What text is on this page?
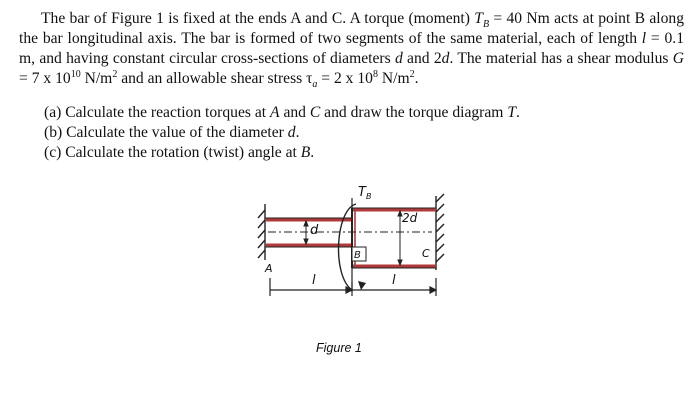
The bar of Figure 1 is fixed at the ends A and C. A torque (moment) $T_B = 40$ Nm acts at point B along the bar longitudinal axis. The bar is formed of two segments of the same material, each of length l = 0.1 m, and having constant circular cross-sections of diameters d and 2d. The material has a shear modulus G = 7 x $10^{10}$ $N/m^2$ and an allowable shear stress $\tau_a = 2$ x $10^8$ $N/m^2$.
(a) Calculate the reaction torques at A and C and draw the torque diagram T.
(b) Calculate the value of the diameter d.
(c) Calculate the rotation (twist) angle at B.
d
2d
$T_B$
B
A
C
l	l
Figure 1
